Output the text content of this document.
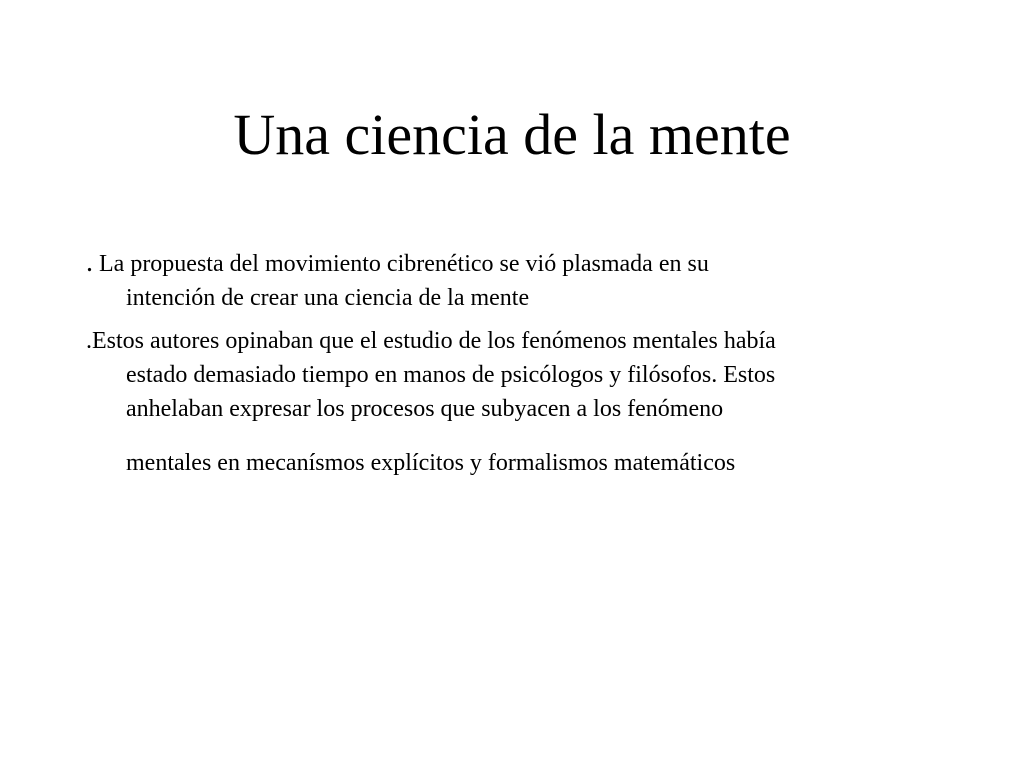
Una ciencia de la mente
. La propuesta del movimiento cibrenético se vió plasmada en su
intención de crear una ciencia de la mente
.Estos autores opinaban que el estudio de los fenómenos mentales había
estado demasiado tiempo en manos de psicólogos y filósofos. Estos
anhelaban expresar los procesos que subyacen a los fenómeno
mentales en mecanísmos explícitos y formalismos matemáticos
